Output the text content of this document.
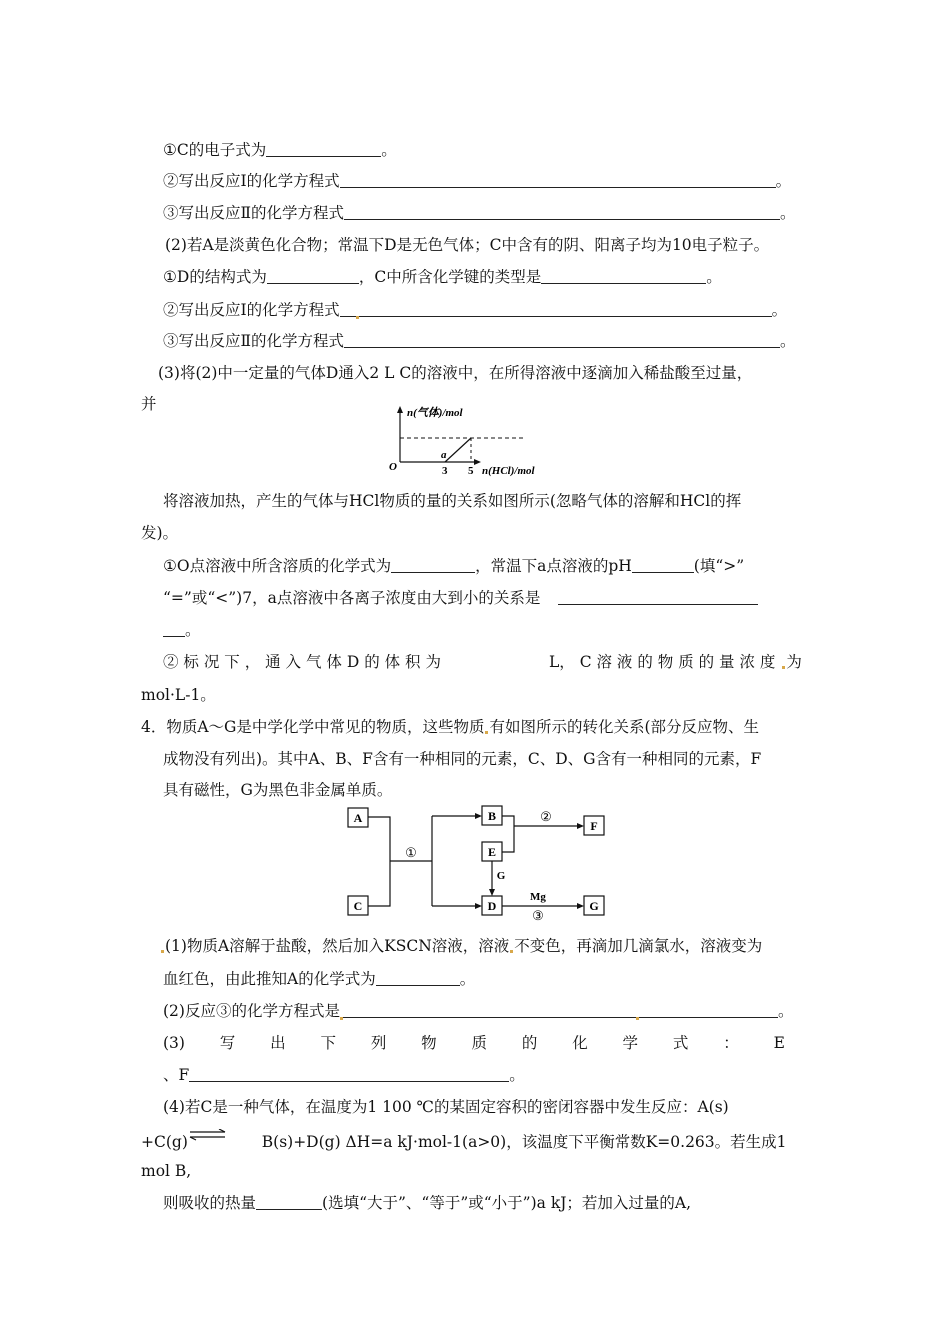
①C的电子式为	。
②写出反应Ⅰ的化学方程式	。
③写出反应Ⅱ的化学方程式	。
(2)若A是淡黄色化合物；常温下D是无色气体；C中含有的阴、阳离子均为10电子粒子。
①D的结构式为	，C中所含化学键的类型是	。
②写出反应Ⅰ的化学方程式	。
③写出反应Ⅱ的化学方程式	。
(3)将(2)中一定量的气体D通入2 L C的溶液中，在所得溶液中逐滴加入稀盐酸至过量，
并	n(气体)/mol
O
a
3 5 n(HCl)/mol
将溶液加热，产生的气体与HCl物质的量的关系如图所示(忽略气体的溶解和HCl的挥
发)。
①O点溶液中所含溶质的化学式为	，常温下a点溶液的pH	(填“>”
“=”或“<”)7，a点溶液中各离子浓度由大到小的关系是
。
② 标 况 下 ， 通 入 气 体 D 的 体 积 为	L， C 溶 液 的 物 质 的 量 浓 度 为
mol·L-1。
4．物质A～G是中学化学中常见的物质，这些物质 有如图所示的转化关系(部分反应物、生
成物没有列出)。其中A、B、F含有一种相同的元素，C、D、G含有一种相同的元素，F
具有磁性，G为黑色非金属单质。
A
C
B
E
D
F
G
①
②
G
Mg
③
(1)物质A溶解于盐酸，然后加入KSCN溶液，溶液 不变色，再滴加几滴氯水，溶液变为
血红色，由此推知A的化学式为	。
(2)反应③的化学方程式是	。
(3) 写 出 下 列 物 质 的 化 学 式 ： E
、F	。
(4)若C是一种气体，在温度为1 100 ℃的某固定容积的密闭容器中发生反应：A(s)
+C(g)⇌ B(s)+D(g) ΔH=a kJ·mol-1(a>0)，该温度下平衡常数K=0.263。若生成1
mol B,
则吸收的热量	(选填“大于”、“等于”或“小于”)a kJ；若加入过量的A,
